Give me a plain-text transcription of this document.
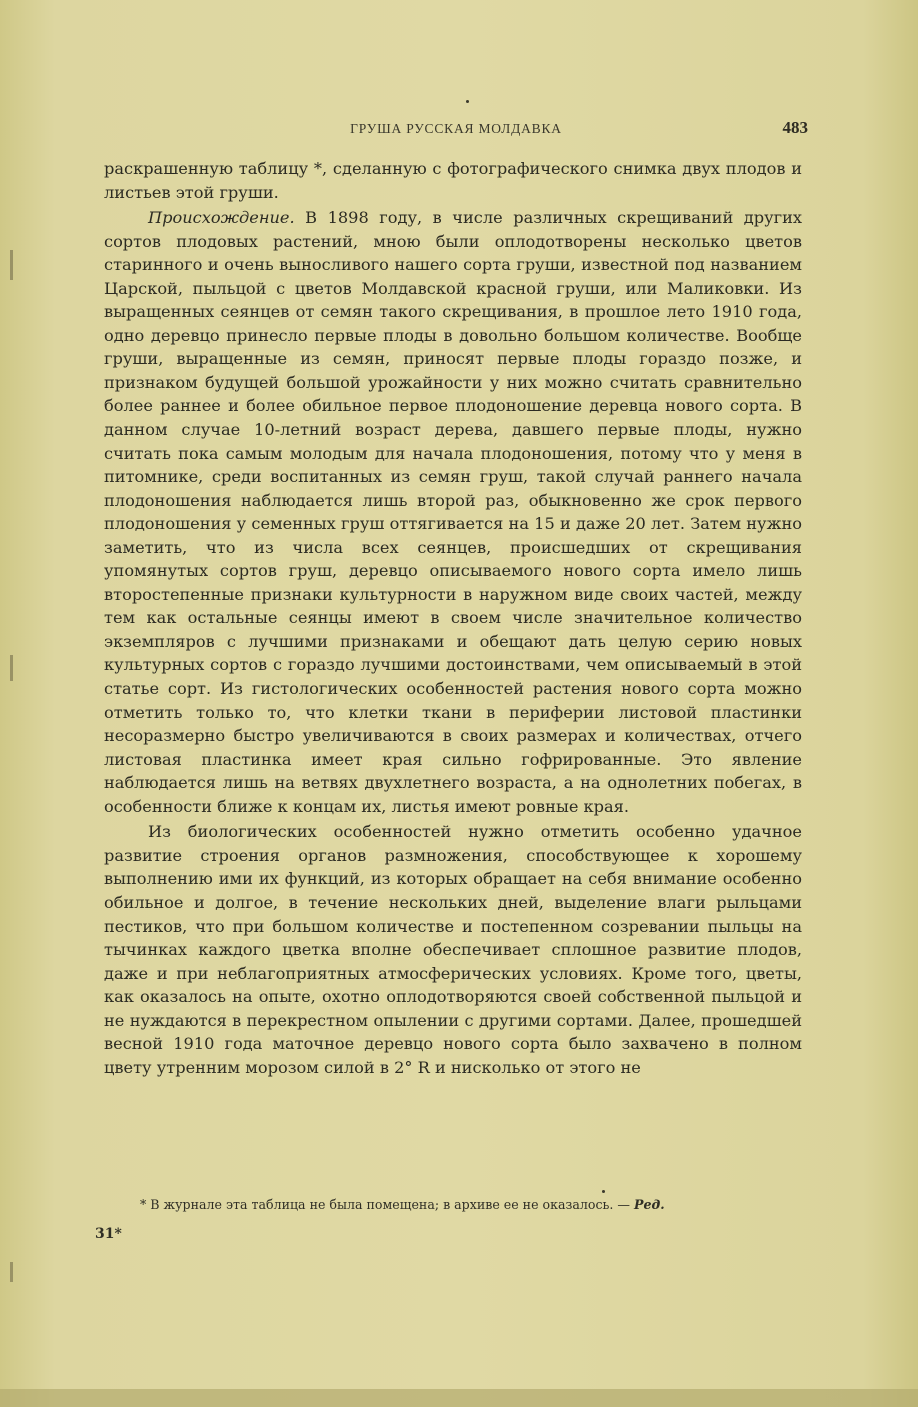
ГРУША РУССКАЯ МОЛДАВКА	483

раскрашенную таблицу *, сделанную с фотографического снимка двух плодов и листьев этой груши.

Происхождение. В 1898 году, в числе различных скрещиваний других сортов плодовых растений, мною были оплодотворены несколько цветов старинного и очень выносливого нашего сорта груши, известной под названием Царской, пыльцой с цветов Молдавской красной груши, или Маликовки. Из выращенных сеянцев от семян такого скрещивания, в прошлое лето 1910 года, одно деревцо принесло первые плоды в довольно большом количестве. Вообще груши, выращенные из семян, приносят первые плоды гораздо позже, и признаком будущей большой урожайности у них можно считать сравнительно более раннее и более обильное первое плодоношение деревца нового сорта. В данном случае 10-летний возраст дерева, давшего первые плоды, нужно считать пока самым молодым для начала плодоношения, потому что у меня в питомнике, среди воспитанных из семян груш, такой случай раннего начала плодоношения наблюдается лишь второй раз, обыкновенно же срок первого плодоношения у семенных груш оттягивается на 15 и даже 20 лет. Затем нужно заметить, что из числа всех сеянцев, происшедших от скрещивания упомянутых сортов груш, деревцо описываемого нового сорта имело лишь второстепенные признаки культурности в наружном виде своих частей, между тем как остальные сеянцы имеют в своем числе значительное количество экземпляров с лучшими признаками и обещают дать целую серию новых культурных сортов с гораздо лучшими достоинствами, чем описываемый в этой статье сорт. Из гистологических особенностей растения нового сорта можно отметить только то, что клетки ткани в периферии листовой пластинки несоразмерно быстро увеличиваются в своих размерах и количествах, отчего листовая пластинка имеет края сильно гофрированные. Это явление наблюдается лишь на ветвях двухлетнего возраста, а на однолетних побегах, в особенности ближе к концам их, листья имеют ровные края.

Из биологических особенностей нужно отметить особенно удачное развитие строения органов размножения, способствующее к хорошему выполнению ими их функций, из которых обращает на себя внимание особенно обильное и долгое, в течение нескольких дней, выделение влаги рыльцами пестиков, что при большом количестве и постепенном созревании пыльцы на тычинках каждого цветка вполне обеспечивает сплошное развитие плодов, даже и при неблагоприятных атмосферических условиях. Кроме того, цветы, как оказалось на опыте, охотно оплодотворяются своей собственной пыльцой и не нуждаются в перекрестном опылении с другими сортами. Далее, прошедшей весной 1910 года маточное деревцо нового сорта было захвачено в полном цвету утренним морозом силой в 2° R и нисколько от этого не

* В журнале эта таблица не была помещена; в архиве ее не оказалось. — Ред.
31*
